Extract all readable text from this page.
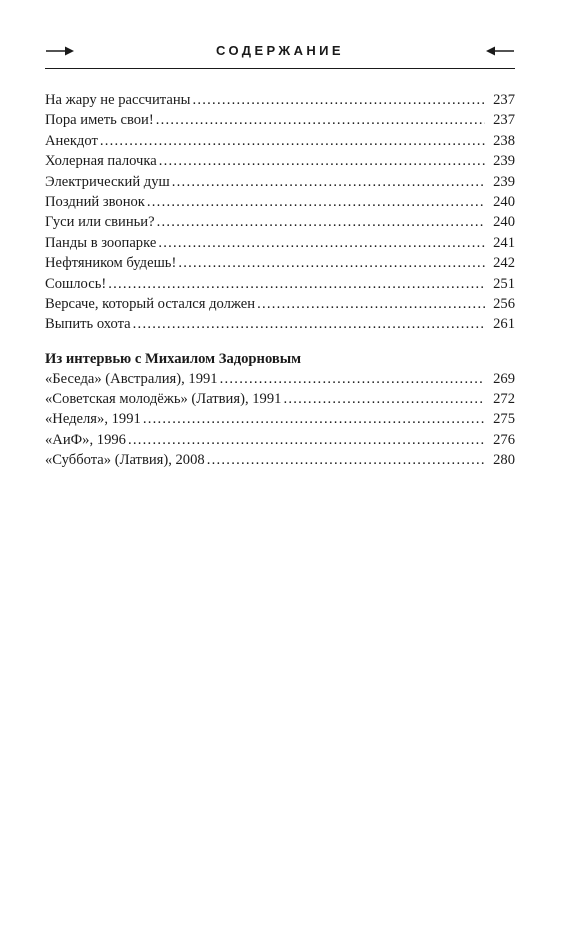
СОДЕРЖАНИЕ
На жару не рассчитаны . . .	237
Пора иметь свои! . . .	237
Анекдот . . .	238
Холерная палочка . . .	239
Электрический душ . . .	239
Поздний звонок . . .	240
Гуси или свиньи? . . .	240
Панды в зоопарке . . .	241
Нефтяником будешь! . . .	242
Сошлось! . . .	251
Версаче, который остался должен . . .	256
Выпить охота . . .	261
Из интервью с Михаилом Задорновым
«Беседа» (Австралия), 1991 . . .	269
«Советская молодёжь» (Латвия), 1991 . . .	272
«Неделя», 1991 . . .	275
«АиФ», 1996 . . .	276
«Суббота» (Латвия), 2008 . . .	280
